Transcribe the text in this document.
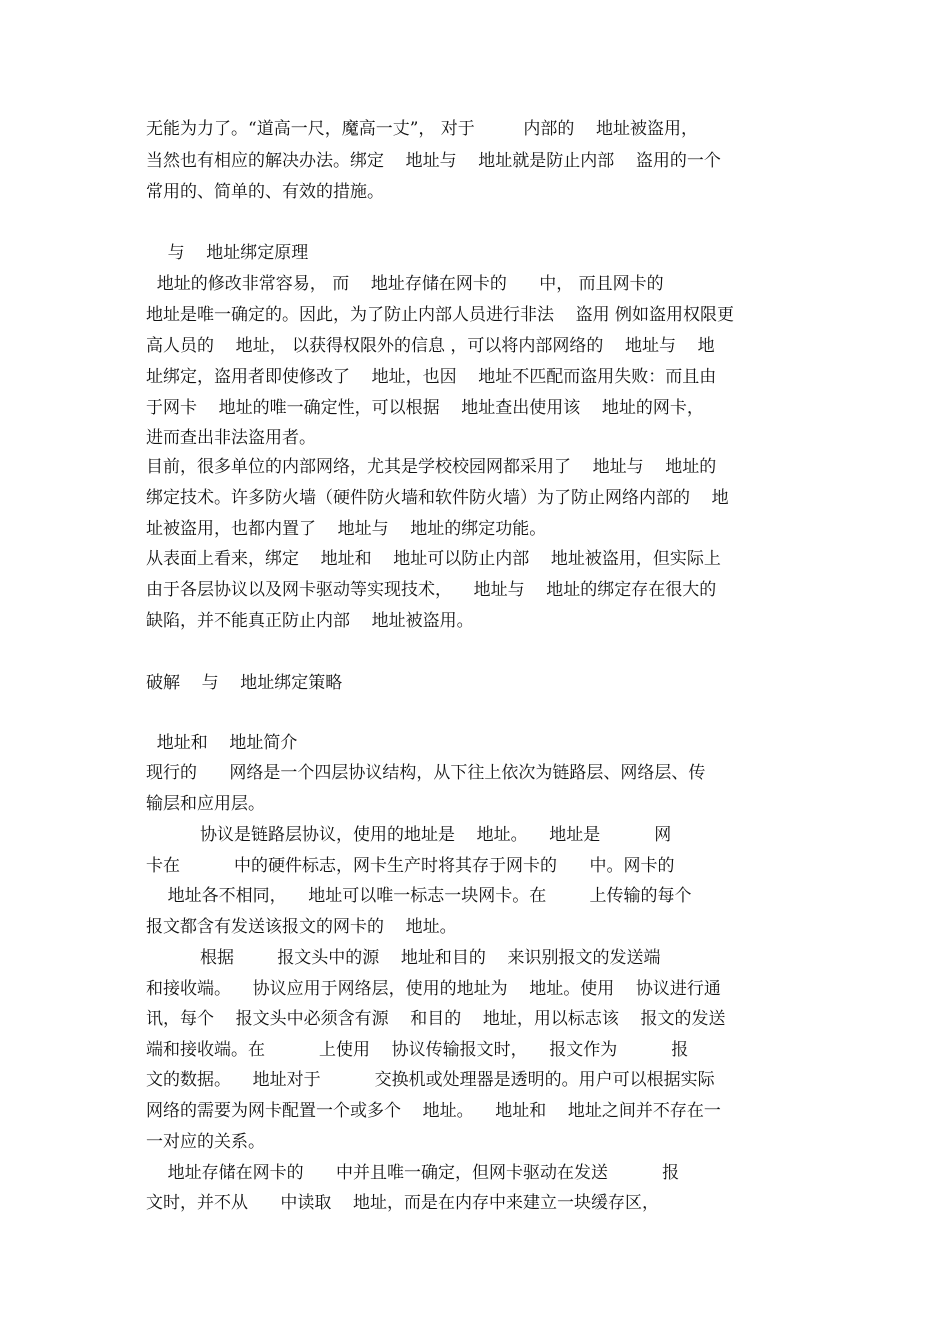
无能为力了。“道高一尺，魔高一丈”， 对于         内部的    地址被盗用，

当然也有相应的解决办法。绑定    地址与    地址就是防止内部    盗用的一个

常用的、简单的、有效的措施。

与    地址绑定原理

地址的修改非常容易， 而    地址存储在网卡的      中， 而且网卡的

地址是唯一确定的。因此，为了防止内部人员进行非法    盗用 例如盗用权限更

高人员的    地址， 以获得权限外的信息 ，可以将内部网络的    地址与    地

址绑定，盗用者即使修改了    地址，也因    地址不匹配而盗用失败：而且由

于网卡    地址的唯一确定性，可以根据    地址查出使用该    地址的网卡，

进而查出非法盗用者。

目前，很多单位的内部网络，尤其是学校校园网都采用了    地址与    地址的

绑定技术。许多防火墙（硬件防火墙和软件防火墙）为了防止网络内部的    地

址被盗用，也都内置了    地址与    地址的绑定功能。

从表面上看来，绑定    地址和    地址可以防止内部    地址被盗用，但实际上

由于各层协议以及网卡驱动等实现技术，    地址与    地址的绑定存在很大的

缺陷，并不能真正防止内部    地址被盗用。

破解    与    地址绑定策略

地址和    地址简介

现行的      网络是一个四层协议结构，从下往上依次为链路层、网络层、传

输层和应用层。

协议是链路层协议，使用的地址是    地址。    地址是          网

卡在          中的硬件标志，网卡生产时将其存于网卡的      中。网卡的

地址各不相同，    地址可以唯一标志一块网卡。在        上传输的每个

报文都含有发送该报文的网卡的    地址。

根据        报文头中的源    地址和目的    来识别报文的发送端

和接收端。    协议应用于网络层，使用的地址为    地址。使用    协议进行通

讯，每个    报文头中必须含有源    和目的    地址，用以标志该    报文的发送

端和接收端。在          上使用    协议传输报文时，    报文作为          报

文的数据。    地址对于          交换机或处理器是透明的。用户可以根据实际

网络的需要为网卡配置一个或多个    地址。    地址和    地址之间并不存在一

一对应的关系。

地址存储在网卡的      中并且唯一确定，但网卡驱动在发送          报

文时，并不从      中读取    地址，而是在内存中来建立一块缓存区，
